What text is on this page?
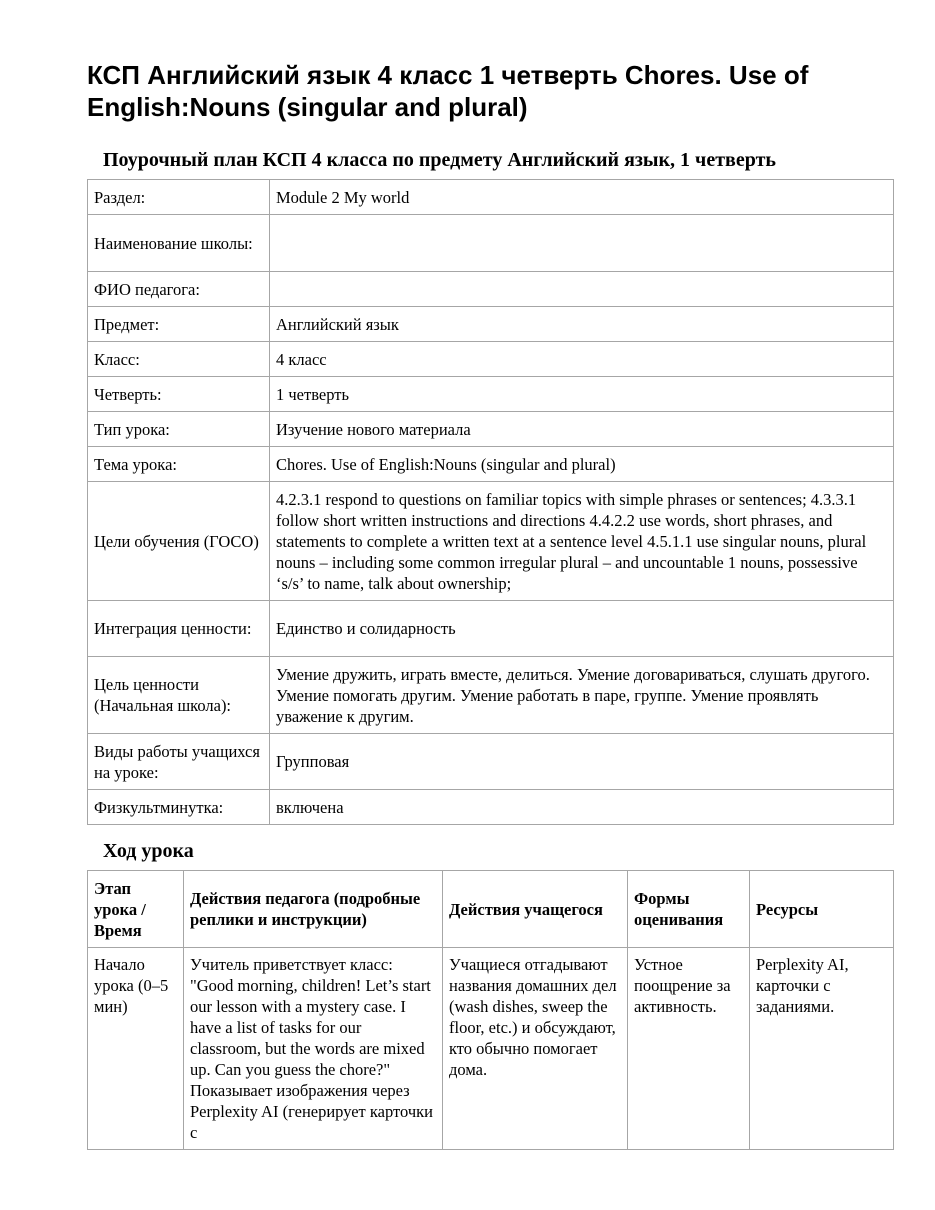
КСП Английский язык 4 класс 1 четверть Chores. Use of English:Nouns (singular and plural)
Поурочный план КСП 4 класса по предмету Английский язык, 1 четверть
Раздел:	Module 2 My world
Наименование школы:	
ФИО педагога:	
Предмет:	Английский язык
Класс:	4 класс
Четверть:	1 четверть
Тип урока:	Изучение нового материала
Тема урока:	Chores. Use of English:Nouns (singular and plural)
Цели обучения (ГОСО)	4.2.3.1 respond to questions on familiar topics with simple phrases or sentences; 4.3.3.1 follow short written instructions and directions 4.4.2.2 use words, short phrases, and statements to complete a written text at a sentence level 4.5.1.1 use singular nouns, plural nouns – including some common irregular plural – and uncountable 1 nouns, possessive ‘s/s’ to name, talk about ownership;
Интеграция ценности:	Единство и солидарность
Цель ценности (Начальная школа):	Умение дружить, играть вместе, делиться. Умение договариваться, слушать другого. Умение помогать другим. Умение работать в паре, группе. Умение проявлять уважение к другим.
Виды работы учащихся на уроке:	Групповая
Физкультминутка:	включена
Ход урока
Этап урока / Время	Действия педагога (подробные реплики и инструкции)	Действия учащегося	Формы оценивания	Ресурсы
Начало урока (0–5 мин)	Учитель приветствует класс: "Good morning, children! Let’s start our lesson with a mystery case. I have a list of tasks for our classroom, but the words are mixed up. Can you guess the chore?" Показывает изображения через Perplexity AI (генерирует карточки с	Учащиеся отгадывают названия домашних дел (wash dishes, sweep the floor, etc.) и обсуждают, кто обычно помогает дома.	Устное поощрение за активность.	Perplexity AI, карточки с заданиями.
